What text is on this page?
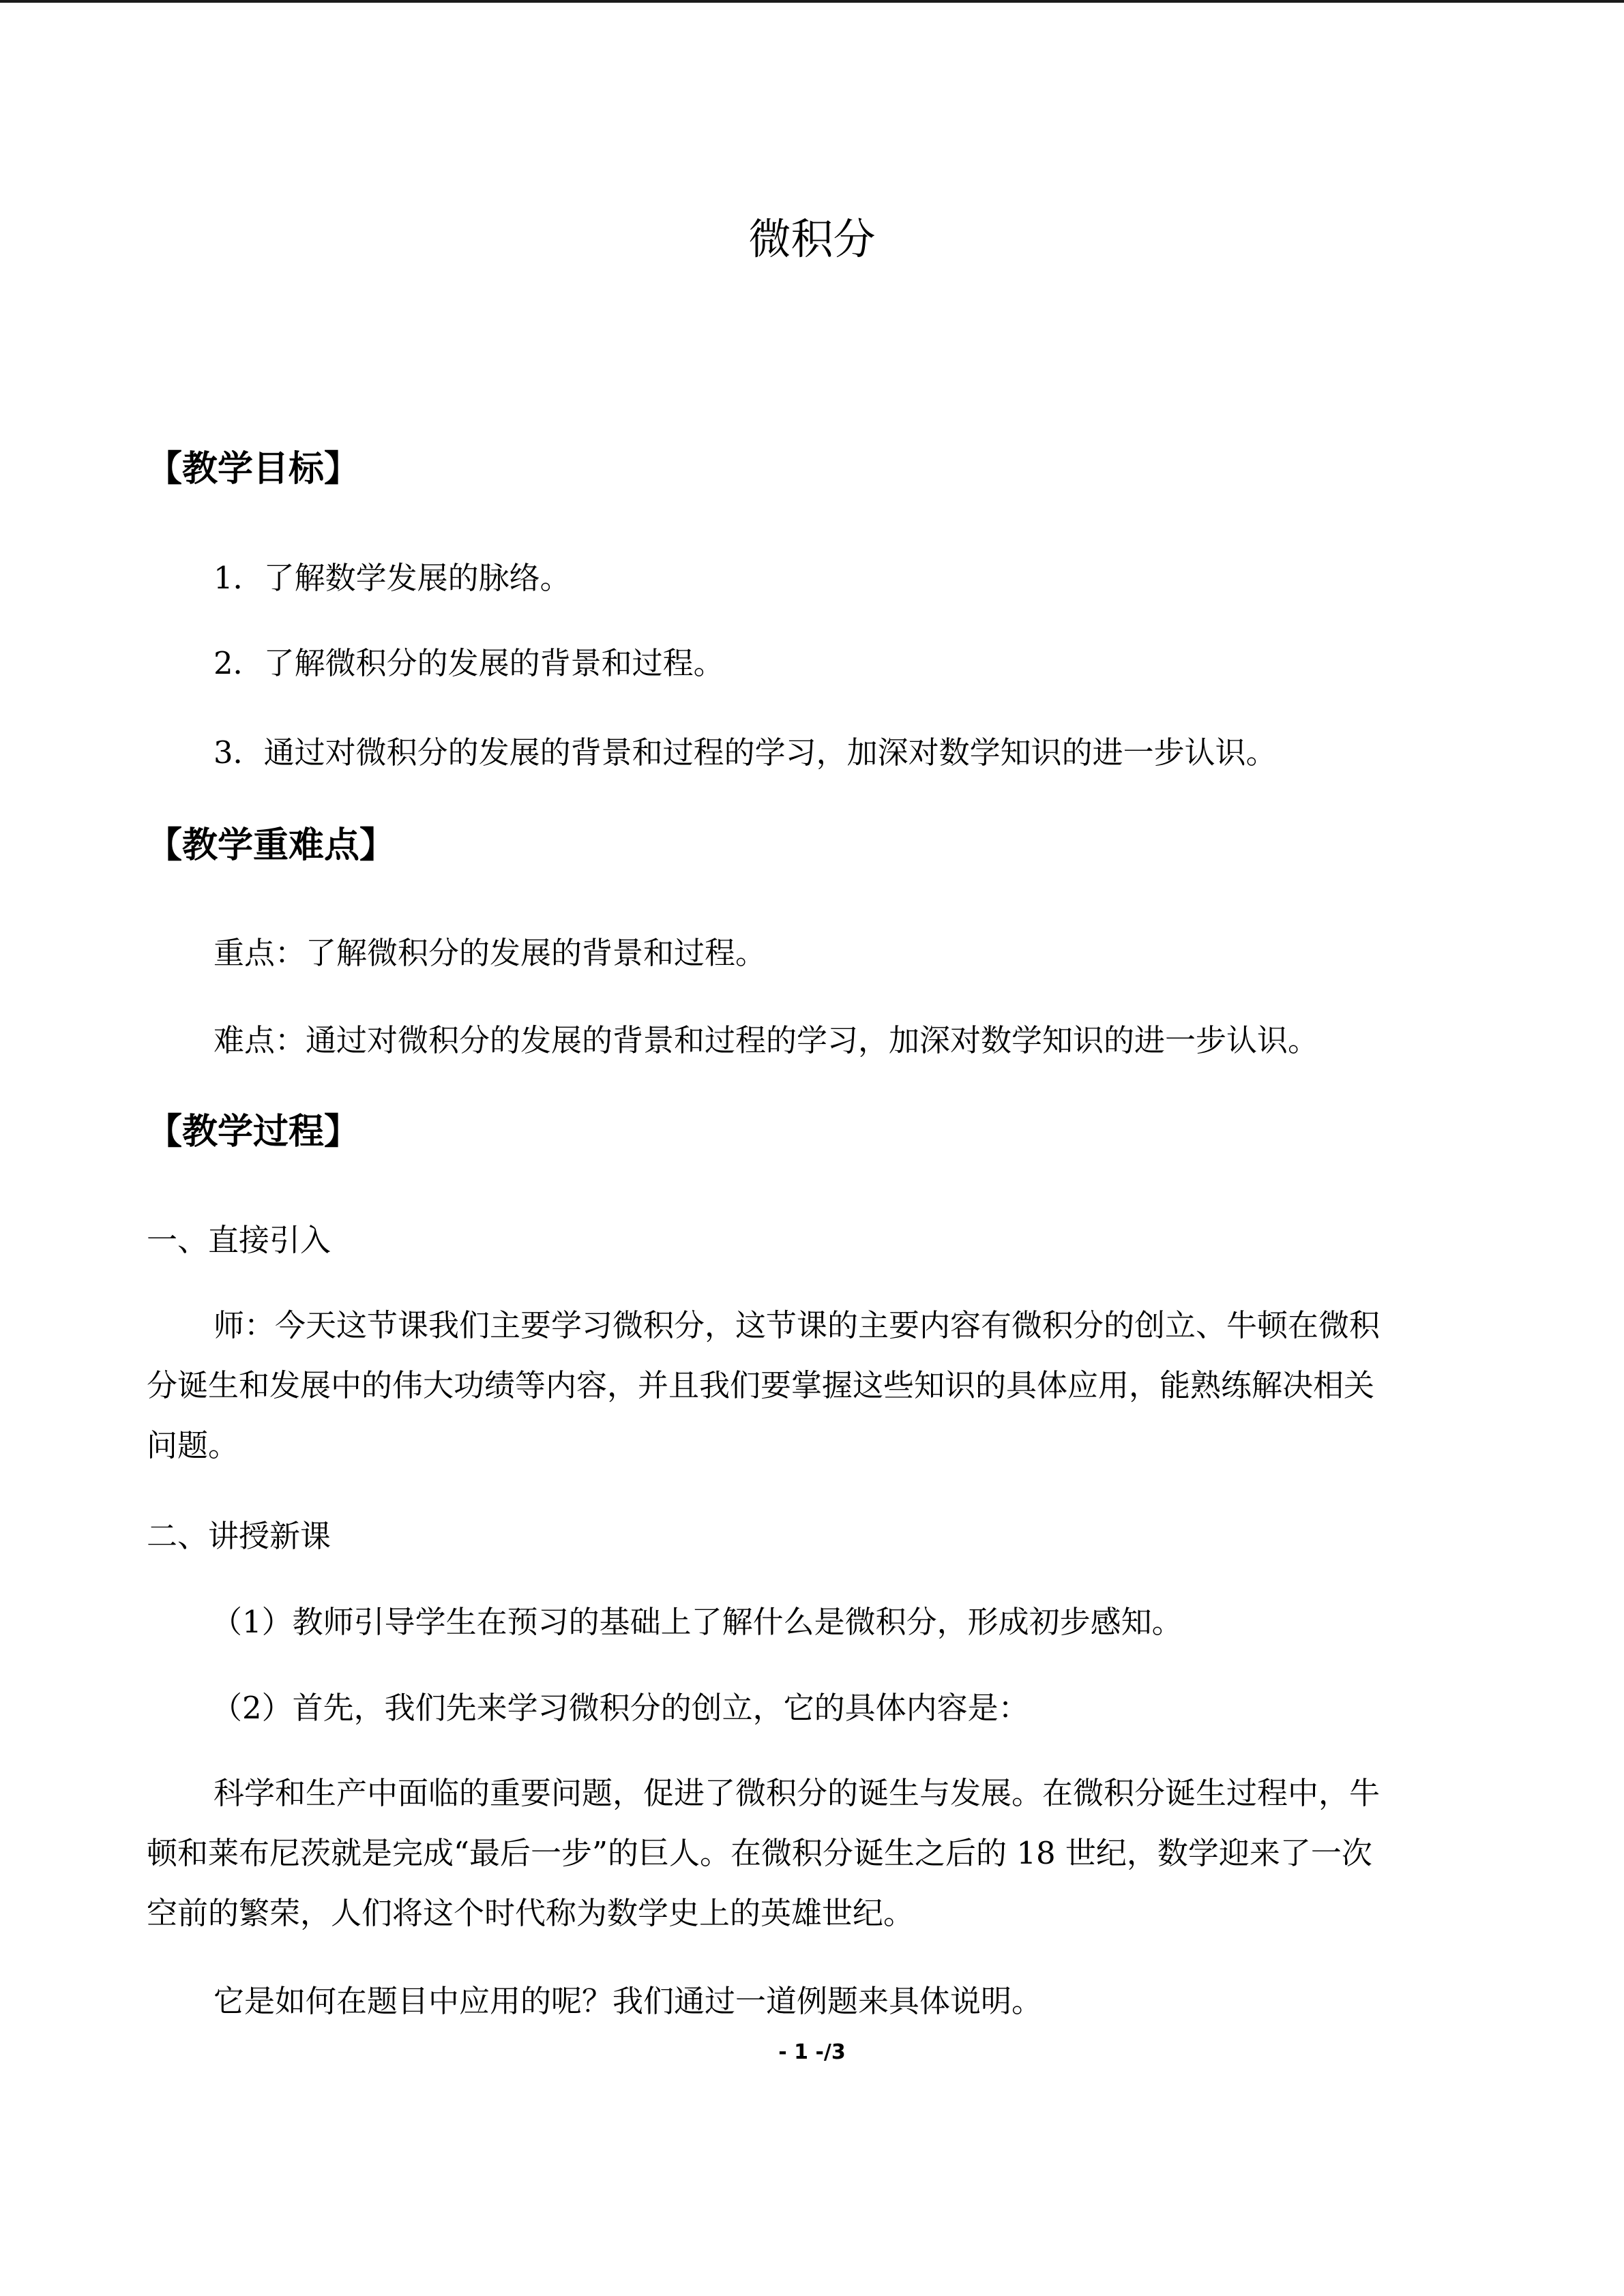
微积分
【教学目标】
1．了解数学发展的脉络。
2．了解微积分的发展的背景和过程。
3．通过对微积分的发展的背景和过程的学习，加深对数学知识的进一步认识。
【教学重难点】
重点：了解微积分的发展的背景和过程。
难点：通过对微积分的发展的背景和过程的学习，加深对数学知识的进一步认识。
【教学过程】
一、直接引入
师：今天这节课我们主要学习微积分，这节课的主要内容有微积分的创立、牛顿在微积
分诞生和发展中的伟大功绩等内容，并且我们要掌握这些知识的具体应用，能熟练解决相关
问题。
二、讲授新课
（1）教师引导学生在预习的基础上了解什么是微积分，形成初步感知。
（2）首先，我们先来学习微积分的创立，它的具体内容是：
科学和生产中面临的重要问题，促进了微积分的诞生与发展。在微积分诞生过程中，牛
顿和莱布尼茨就是完成“最后一步”的巨人。在微积分诞生之后的 18 世纪，数学迎来了一次
空前的繁荣，人们将这个时代称为数学史上的英雄世纪。
它是如何在题目中应用的呢？我们通过一道例题来具体说明。
- 1 -/3
